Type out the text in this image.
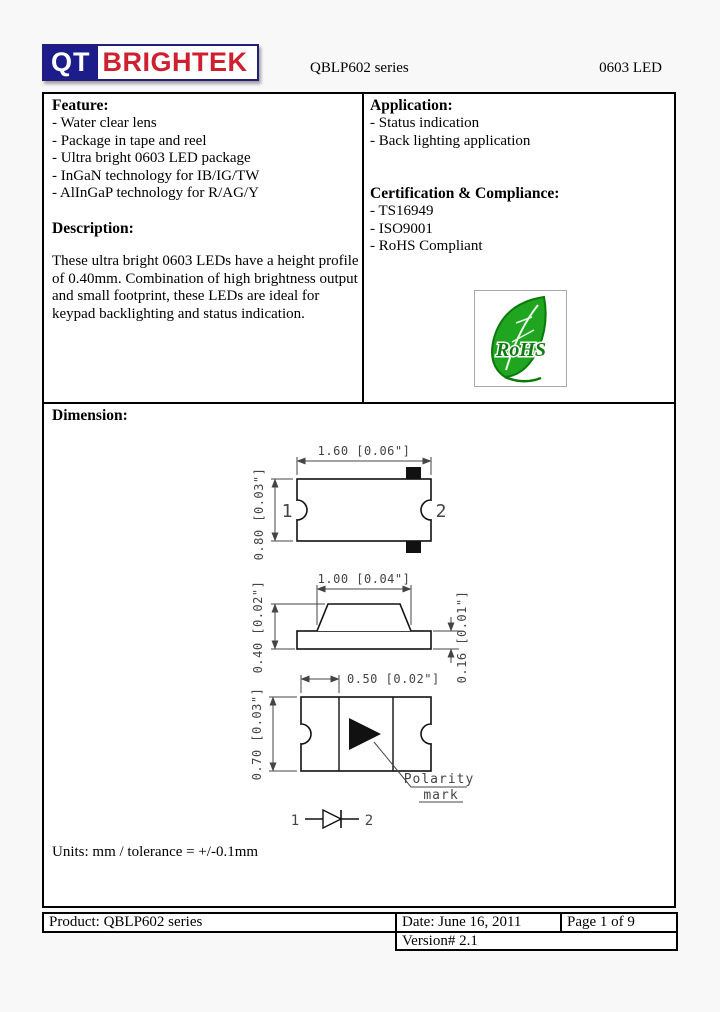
QT BRIGHTEK	QBLP602 series	0603 LED
Feature:
- Water clear lens
- Package in tape and reel
- Ultra bright 0603 LED package
- InGaN technology for IB/IG/TW
- AlInGaP technology for R/AG/Y
Description:
These ultra bright 0603 LEDs have a height profile of 0.40mm. Combination of high brightness output and small footprint, these LEDs are ideal for keypad backlighting and status indication.
Application:
- Status indication
- Back lighting application
Certification & Compliance:
- TS16949
- ISO9001
- RoHS Compliant
RoHS
Dimension:
1.60 [0.06"]
1	2
0.80 [0.03"]
1.00 [0.04"]
0.40 [0.02"]	0.16 [0.01"]
0.50 [0.02"]
0.70 [0.03"]	Polarity
mark
1	2
Units: mm / tolerance = +/-0.1mm
Product: QBLP602 series	Date: June 16, 2011	Page 1 of 9
Version# 2.1
